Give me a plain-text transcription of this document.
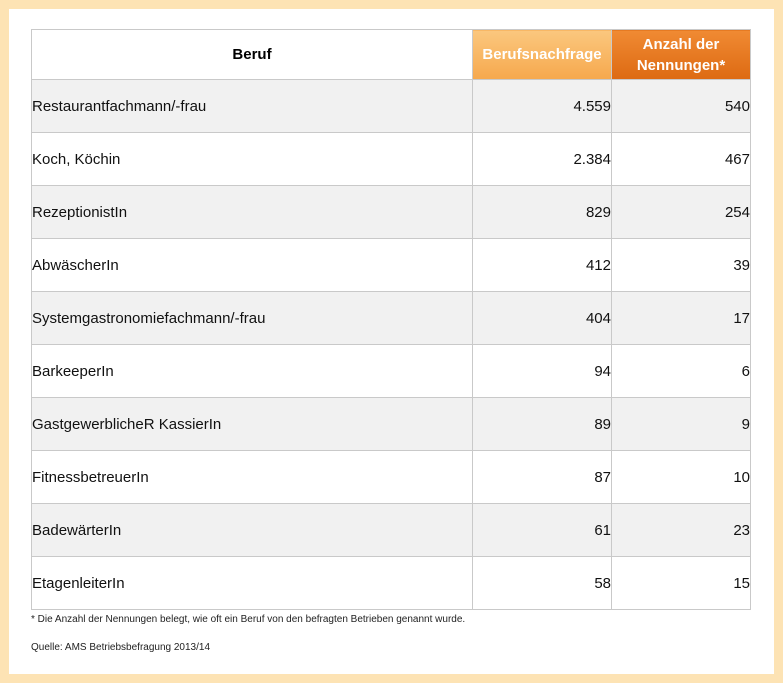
Beruf	Berufsnachfrage	Anzahl der
Nennungen*
Restaurantfachmann/-frau	4.559	540
Koch, Köchin	2.384	467
RezeptionistIn	829	254
AbwäscherIn	412	39
Systemgastronomiefachmann/-frau	404	17
BarkeeperIn	94	6
GastgewerblicheR KassierIn	89	9
FitnessbetreuerIn	87	10
BadewärterIn	61	23
EtagenleiterIn	58	15
* Die Anzahl der Nennungen belegt, wie oft ein Beruf von den befragten Betrieben genannt wurde.
Quelle: AMS Betriebsbefragung 2013/14
